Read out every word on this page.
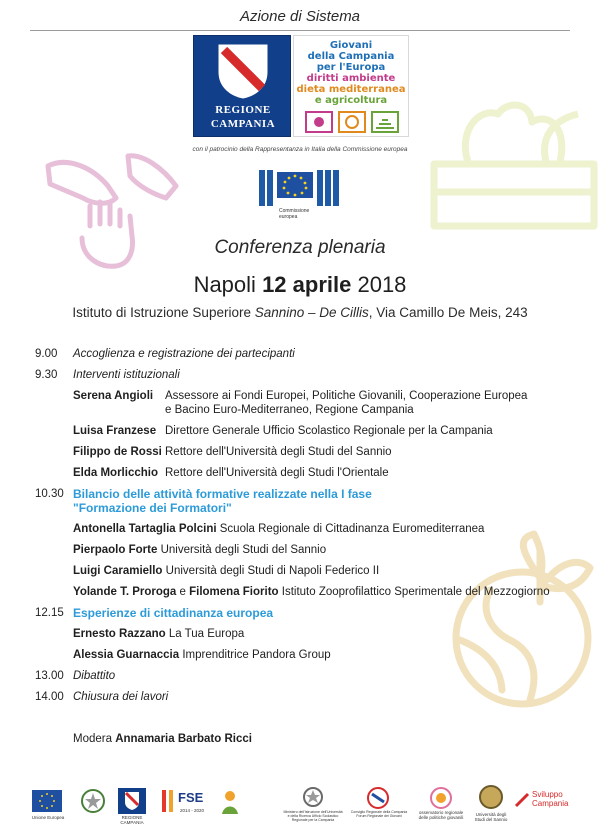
Azione di Sistema
REGIONE
CAMPANIA
Giovani
della Campania
per l'Europa
diritti ambiente
dieta mediterranea
e agricoltura
con il patrocinio della Rappresentanza in Italia della Commissione europea
Commissione
europea
Conferenza plenaria
Napoli 12 aprile 2018
Istituto di Istruzione Superiore Sannino – De Cillis, Via Camillo De Meis, 243
9.00 Accoglienza e registrazione dei partecipanti
9.30 Interventi istituzionali
Serena Angioli Assessore ai Fondi Europei, Politiche Giovanili, Cooperazione Europea
e Bacino Euro-Mediterraneo, Regione Campania
Luisa Franzese Direttore Generale Ufficio Scolastico Regionale per la Campania
Filippo de Rossi Rettore dell'Università degli Studi del Sannio
Elda Morlicchio Rettore dell'Università degli Studi l'Orientale
10.30 Bilancio delle attività formative realizzate nella I fase
"Formazione dei Formatori"
Antonella Tartaglia Polcini Scuola Regionale di Cittadinanza Euromediterranea
Pierpaolo Forte Università degli Studi del Sannio
Luigi Caramiello Università degli Studi di Napoli Federico II
Yolande T. Proroga e Filomena Fiorito Istituto Zooprofilattico Sperimentale del Mezzogiorno
12.15 Esperienze di cittadinanza europea
Ernesto Razzano La Tua Europa
Alessia Guarnaccia Imprenditrice Pandora Group
13.00 Dibattito
14.00 Chiusura dei lavori
Modera Annamaria Barbato Ricci
Unione Europea	REGIONE CAMPANIA
FSE
2014 - 2020	Ministero dell'Istruzione dell'Università e della Ricerca Ufficio Scolastico Regionale per la Campania
Consiglio Regionale della Campania Forum Regionale dei Giovani
osservatorio regionale delle politiche giovanili
Università degli Studi del Sannio
Sviluppo
Campania
